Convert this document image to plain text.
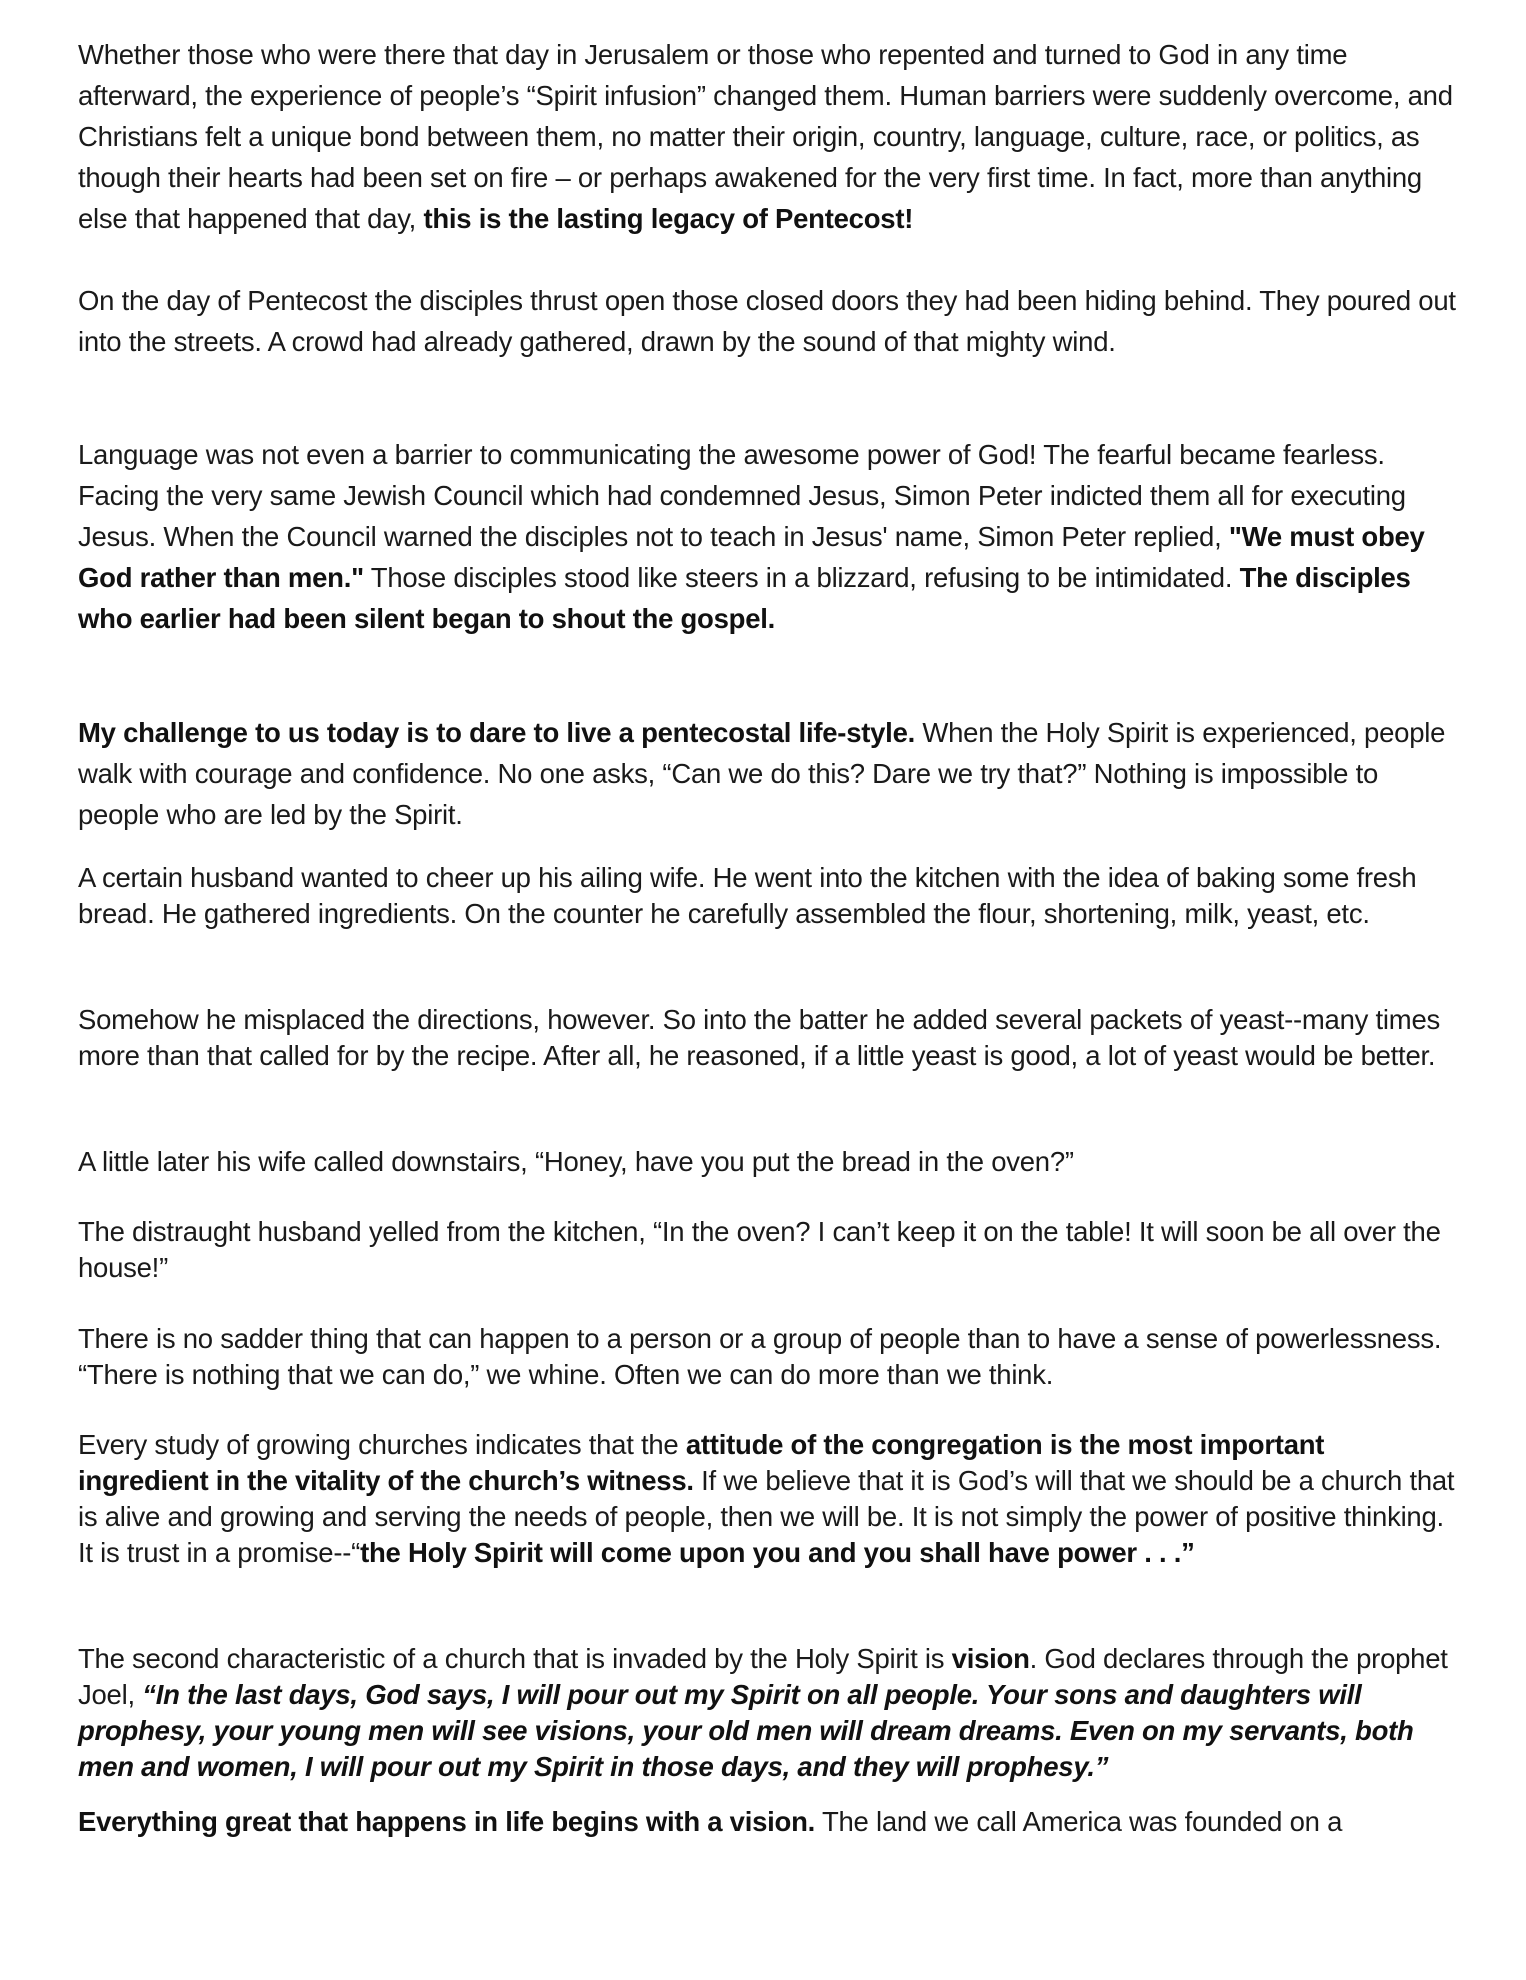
Whether those who were there that day in Jerusalem or those who repented and turned to God in any time afterward, the experience of people’s “Spirit infusion” changed them. Human barriers were suddenly overcome, and Christians felt a unique bond between them, no matter their origin, country, language, culture, race, or politics, as though their hearts had been set on fire – or perhaps awakened for the very first time. In fact, more than anything else that happened that day, this is the lasting legacy of Pentecost!

On the day of Pentecost the disciples thrust open those closed doors they had been hiding behind. They poured out into the streets. A crowd had already gathered, drawn by the sound of that mighty wind.

Language was not even a barrier to communicating the awesome power of God! The fearful became fearless. Facing the very same Jewish Council which had condemned Jesus, Simon Peter indicted them all for executing Jesus. When the Council warned the disciples not to teach in Jesus' name, Simon Peter replied, "We must obey God rather than men." Those disciples stood like steers in a blizzard, refusing to be intimidated. The disciples who earlier had been silent began to shout the gospel.

My challenge to us today is to dare to live a pentecostal life-style. When the Holy Spirit is experienced, people walk with courage and confidence. No one asks, “Can we do this? Dare we try that?” Nothing is impossible to people who are led by the Spirit.

A certain husband wanted to cheer up his ailing wife. He went into the kitchen with the idea of baking some fresh bread. He gathered ingredients. On the counter he carefully assembled the flour, shortening, milk, yeast, etc.

Somehow he misplaced the directions, however. So into the batter he added several packets of yeast--many times more than that called for by the recipe. After all, he reasoned, if a little yeast is good, a lot of yeast would be better.

A little later his wife called downstairs, “Honey, have you put the bread in the oven?”

The distraught husband yelled from the kitchen, “In the oven? I can’t keep it on the table! It will soon be all over the house!”

There is no sadder thing that can happen to a person or a group of people than to have a sense of powerlessness. “There is nothing that we can do,” we whine. Often we can do more than we think.

Every study of growing churches indicates that the attitude of the congregation is the most important ingredient in the vitality of the church’s witness. If we believe that it is God’s will that we should be a church that is alive and growing and serving the needs of people, then we will be. It is not simply the power of positive thinking. It is trust in a promise--“the Holy Spirit will come upon you and you shall have power . . .”

The second characteristic of a church that is invaded by the Holy Spirit is vision. God declares through the prophet Joel, “In the last days, God says, I will pour out my Spirit on all people. Your sons and daughters will prophesy, your young men will see visions, your old men will dream dreams. Even on my servants, both men and women, I will pour out my Spirit in those days, and they will prophesy.”

Everything great that happens in life begins with a vision. The land we call America was founded on a
